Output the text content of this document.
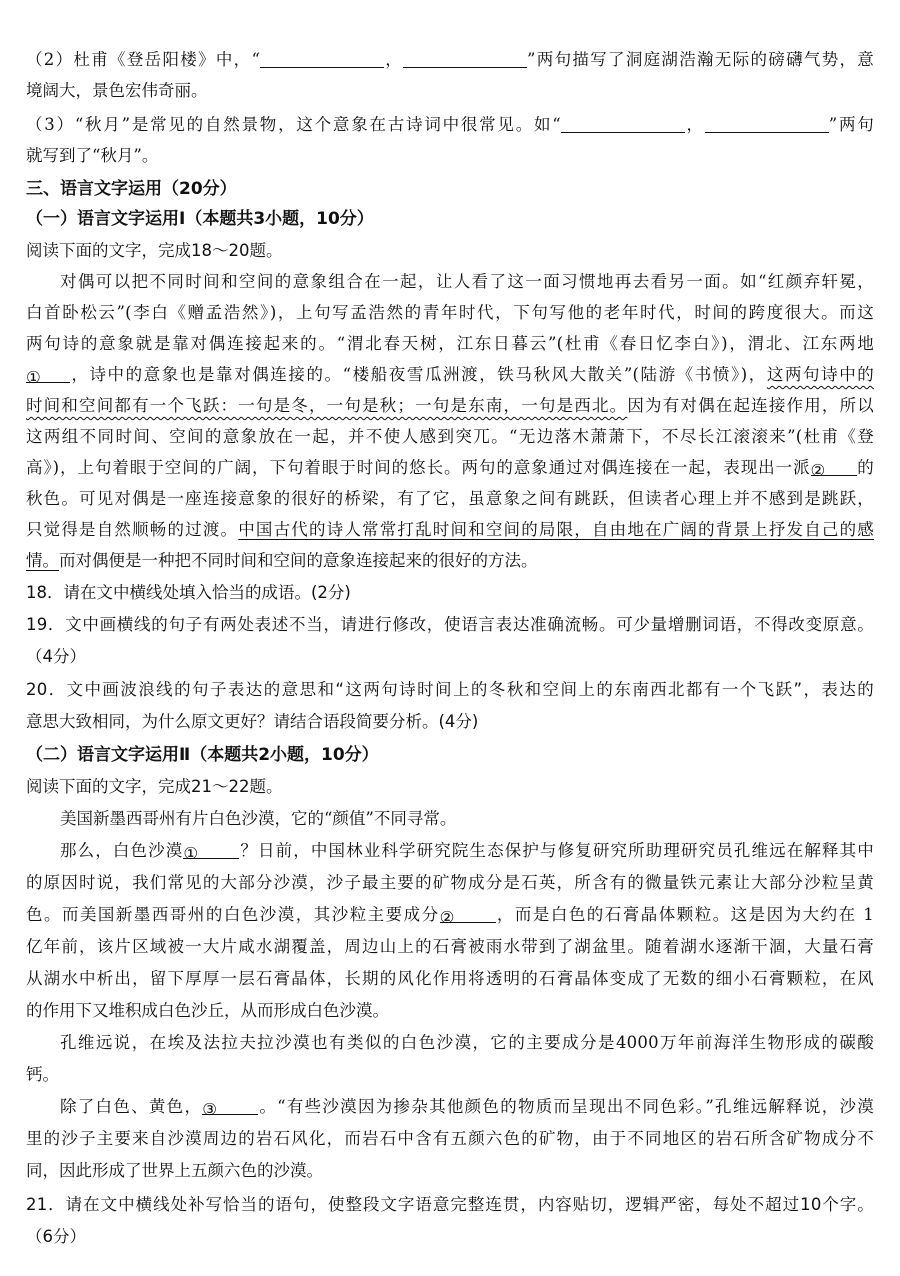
（2）杜甫《登岳阳楼》中，“	，	”两句描写了洞庭湖浩瀚无际的磅礴气势，意

境阔大，景色宏伟奇丽。

（3）“秋月”是常见的自然景物，这个意象在古诗词中很常见。如“	，	”两句

就写到了“秋月”。

三、语言文字运用（20分）

（一）语言文字运用Ⅰ（本题共3小题，10分）

阅读下面的文字，完成18～20题。

对偶可以把不同时间和空间的意象组合在一起，让人看了这一面习惯地再去看另一面。如“红颜弃轩冕，

白首卧松云”(李白《赠孟浩然》)，上句写孟浩然的青年时代，下句写他的老年时代，时间的跨度很大。而这

两句诗的意象就是靠对偶连接起来的。“渭北春天树，江东日暮云”(杜甫《春日忆李白》)，渭北、江东两地

① ，诗中的意象也是靠对偶连接的。“楼船夜雪瓜洲渡，铁马秋风大散关”(陆游《书愤》)，这两句诗中的

时间和空间都有一个飞跃：一句是冬，一句是秋；一句是东南，一句是西北。因为有对偶在起连接作用，所以

这两组不同时间、空间的意象放在一起，并不使人感到突兀。“无边落木萧萧下，不尽长江滚滚来”(杜甫《登

高》)，上句着眼于空间的广阔，下句着眼于时间的悠长。两句的意象通过对偶连接在一起，表现出一派② 的

秋色。可见对偶是一座连接意象的很好的桥梁，有了它，虽意象之间有跳跃，但读者心理上并不感到是跳跃，

只觉得是自然顺畅的过渡。中国古代的诗人常常打乱时间和空间的局限，自由地在广阔的背景上抒发自己的感

情。而对偶便是一种把不同时间和空间的意象连接起来的很好的方法。

18．请在文中横线处填入恰当的成语。(2分)

19．文中画横线的句子有两处表述不当，请进行修改，使语言表达准确流畅。可少量增删词语，不得改变原意。

（4分）

20．文中画波浪线的句子表达的意思和“这两句诗时间上的冬秋和空间上的东南西北都有一个飞跃”，表达的

意思大致相同，为什么原文更好？请结合语段简要分析。(4分)

（二）语言文字运用Ⅱ（本题共2小题，10分）

阅读下面的文字，完成21～22题。

美国新墨西哥州有片白色沙漠，它的“颜值”不同寻常。

那么，白色沙漠① ？日前，中国林业科学研究院生态保护与修复研究所助理研究员孔维远在解释其中

的原因时说，我们常见的大部分沙漠，沙子最主要的矿物成分是石英，所含有的微量铁元素让大部分沙粒呈黄

色。而美国新墨西哥州的白色沙漠，其沙粒主要成分② ，而是白色的石膏晶体颗粒。这是因为大约在 1

亿年前，该片区域被一大片咸水湖覆盖，周边山上的石膏被雨水带到了湖盆里。随着湖水逐渐干涸，大量石膏

从湖水中析出，留下厚厚一层石膏晶体，长期的风化作用将透明的石膏晶体变成了无数的细小石膏颗粒，在风

的作用下又堆积成白色沙丘，从而形成白色沙漠。

孔维远说，在埃及法拉夫拉沙漠也有类似的白色沙漠，它的主要成分是4000万年前海洋生物形成的碳酸

钙。

除了白色、黄色，③ 。“有些沙漠因为掺杂其他颜色的物质而呈现出不同色彩。”孔维远解释说，沙漠

里的沙子主要来自沙漠周边的岩石风化，而岩石中含有五颜六色的矿物，由于不同地区的岩石所含矿物成分不

同，因此形成了世界上五颜六色的沙漠。

21．请在文中横线处补写恰当的语句，使整段文字语意完整连贯，内容贴切，逻辑严密，每处不超过10个字。

（6分）
